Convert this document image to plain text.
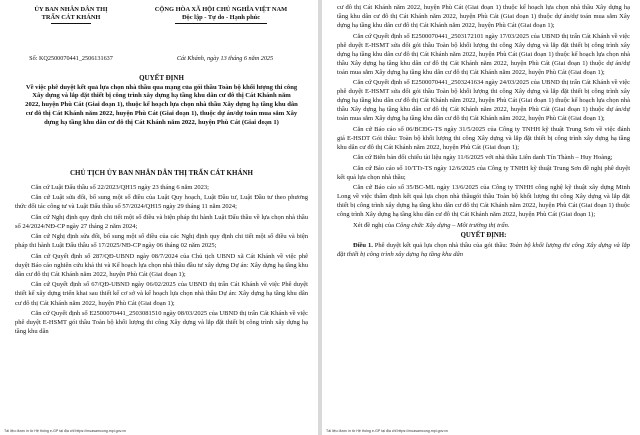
ỦY BAN NHÂN DÂN THỊ
TRẤN CÁT KHÁNH
CỘNG HÒA XÃ HỘI CHỦ NGHĨA VIỆT NAM
Độc lập - Tự do - Hạnh phúc
Số: KQ2500070441_2506131637	Cát Khánh, ngày 13 tháng 6 năm 2025
QUYẾT ĐỊNH
Về việc phê duyệt kết quả lựa chọn nhà thầu qua mạng của gói thầu Toàn bộ khối lượng thi công Xây dựng và lắp đặt thiết bị công trình xây dựng hạ tầng khu dân cư đô thị Cát Khánh năm 2022, huyện Phù Cát (Giai đoạn 1), thuộc kế hoạch lựa chọn nhà thầu Xây dựng hạ tầng khu dân cư đô thị Cát Khánh năm 2022, huyện Phù Cát (Giai đoạn 1), thuộc dự án/dự toán mua sắm Xây dựng hạ tầng khu dân cư đô thị Cát Khánh năm 2022, huyện Phù Cát (Giai đoạn 1)
CHỦ TỊCH ỦY BAN NHÂN DÂN THỊ TRẤN CÁT KHÁNH

Căn cứ Luật Đấu thầu số 22/2023/QH15 ngày 23 tháng 6 năm 2023;

Căn cứ Luật sửa đổi, bổ sung một số điều của Luật Quy hoạch, Luật Đầu tư, Luật Đầu tư theo phương thức đối tác công tư và Luật Đấu thầu số 57/2024/QH15 ngày 29 tháng 11 năm 2024;

Căn cứ Nghị định quy định chi tiết một số điều và biện pháp thi hành Luật Đấu thầu về lựa chọn nhà thầu số 24/2024/NĐ-CP ngày 27 tháng 2 năm 2024;

Căn cứ Nghị định sửa đổi, bổ sung một số điều của các Nghị định quy định chi tiết một số điều và biện pháp thi hành Luật Đấu thầu số 17/2025/NĐ-CP ngày 06 tháng 02 năm 2025;

Căn cứ Quyết định số 287/QĐ-UBND ngày 08/7/2024 của Chủ tịch UBND xã Cát Khánh về việc phê duyệt Báo cáo nghiên cứu khả thi và Kế hoạch lựa chọn nhà thầu đầu tư xây dựng Dự án: Xây dựng hạ tầng khu dân cư đô thị Cát Khánh năm 2022, huyện Phù Cát (Giai đoạn 1);

Căn cứ Quyết định số 67/QĐ-UBND ngày 06/02/2025 của UBND thị trấn Cát Khánh về việc Phê duyệt thiết kế xây dựng triển khai sau thiết kế cơ sở và kế hoạch lựa chọn nhà thầu Dự án: Xây dựng hạ tầng khu dân cư đô thị Cát Khánh năm 2022, huyện Phù Cát (Giai đoạn 1);

Căn cứ Quyết định số E2500070441_2503081510 ngày 08/03/2025 của UBND thị trấn Cát Khánh về việc phê duyệt E-HSMT gói thầu Toàn bộ khối lượng thi công Xây dựng và lắp đặt thiết bị công trình xây dựng hạ tầng khu dân

Tài liệu được in từ Hệ thống e-GP tại địa chỉ https://muasamcong.mpi.gov.vn

cư đô thị Cát Khánh năm 2022, huyện Phù Cát (Giai đoạn 1) thuộc kế hoạch lựa chọn nhà thầu Xây dựng hạ tầng khu dân cư đô thị Cát Khánh năm 2022, huyện Phù Cát (Giai đoạn 1) thuộc dự án/dự toán mua sắm Xây dựng hạ tầng khu dân cư đô thị Cát Khánh năm 2022, huyện Phù Cát (Giai đoạn 1);

Căn cứ Quyết định số E2500070441_2503172101 ngày 17/03/2025 của UBND thị trấn Cát Khánh về việc phê duyệt E-HSMT sửa đổi gói thầu Toàn bộ khối lượng thi công Xây dựng và lắp đặt thiết bị công trình xây dựng hạ tầng khu dân cư đô thị Cát Khánh năm 2022, huyện Phù Cát (Giai đoạn 1) thuộc kế hoạch lựa chọn nhà thầu Xây dựng hạ tầng khu dân cư đô thị Cát Khánh năm 2022, huyện Phù Cát (Giai đoạn 1) thuộc dự án/dự toán mua sắm Xây dựng hạ tầng khu dân cư đô thị Cát Khánh năm 2022, huyện Phù Cát (Giai đoạn 1);

Căn cứ Quyết định số E2500070441_2503241634 ngày 24/03/2025 của UBND thị trấn Cát Khánh về việc phê duyệt E-HSMT sửa đổi gói thầu Toàn bộ khối lượng thi công Xây dựng và lắp đặt thiết bị công trình xây dựng hạ tầng khu dân cư đô thị Cát Khánh năm 2022, huyện Phù Cát (Giai đoạn 1) thuộc kế hoạch lựa chọn nhà thầu Xây dựng hạ tầng khu dân cư đô thị Cát Khánh năm 2022, huyện Phù Cát (Giai đoạn 1) thuộc dự án/dự toán mua sắm Xây dựng hạ tầng khu dân cư đô thị Cát Khánh năm 2022, huyện Phù Cát (Giai đoạn 1);

Căn cứ Báo cáo số 06/BCĐG-TS ngày 31/5/2025 của Công ty TNHH kỹ thuật Trung Sơn về việc đánh giá E-HSDT Gói thầu: Toàn bộ khối lượng thi công Xây dựng và lắp đặt thiết bị công trình xây dựng hạ tầng khu dân cư đô thị Cát Khánh năm 2022, huyện Phù Cát (Giai đoạn 1);

Căn cứ Biên bản đối chiếu tài liệu ngày 11/6/2025 với nhà thầu Liên danh Tín Thành – Huy Hoàng;

Căn cứ Báo cáo số 10/TTr-TS ngày 12/6/2025 của Công ty TNHH kỹ thuật Trung Sơn đề nghị phê duyệt kết quả lựa chọn nhà thầu;

Căn cứ Báo cáo số 35/BC-ML ngày 13/6/2025 của Công ty TNHH công nghệ kỹ thuật xây dựng Minh Long về việc thẩm định kết quả lựa chọn nhà thầugói thầu Toàn bộ khối lượng thi công Xây dựng và lắp đặt thiết bị công trình xây dựng hạ tầng khu dân cư đô thị Cát Khánh năm 2022, huyện Phù Cát (Giai đoạn 1) thuộc công trình Xây dựng hạ tầng khu dân cư đô thị Cát Khánh năm 2022, huyện Phù Cát (Giai đoạn 1);

Xét đề nghị của Công chức Xây dựng – Môi trường thị trấn.

QUYẾT ĐỊNH:

Điều 1. Phê duyệt kết quả lựa chọn nhà thầu của gói thầu: Toàn bộ khối lượng thi công Xây dựng và lắp đặt thiết bị công trình xây dựng hạ tầng khu dân

Tài liệu được in từ Hệ thống e-GP tại địa chỉ https://muasamcong.mpi.gov.vn
